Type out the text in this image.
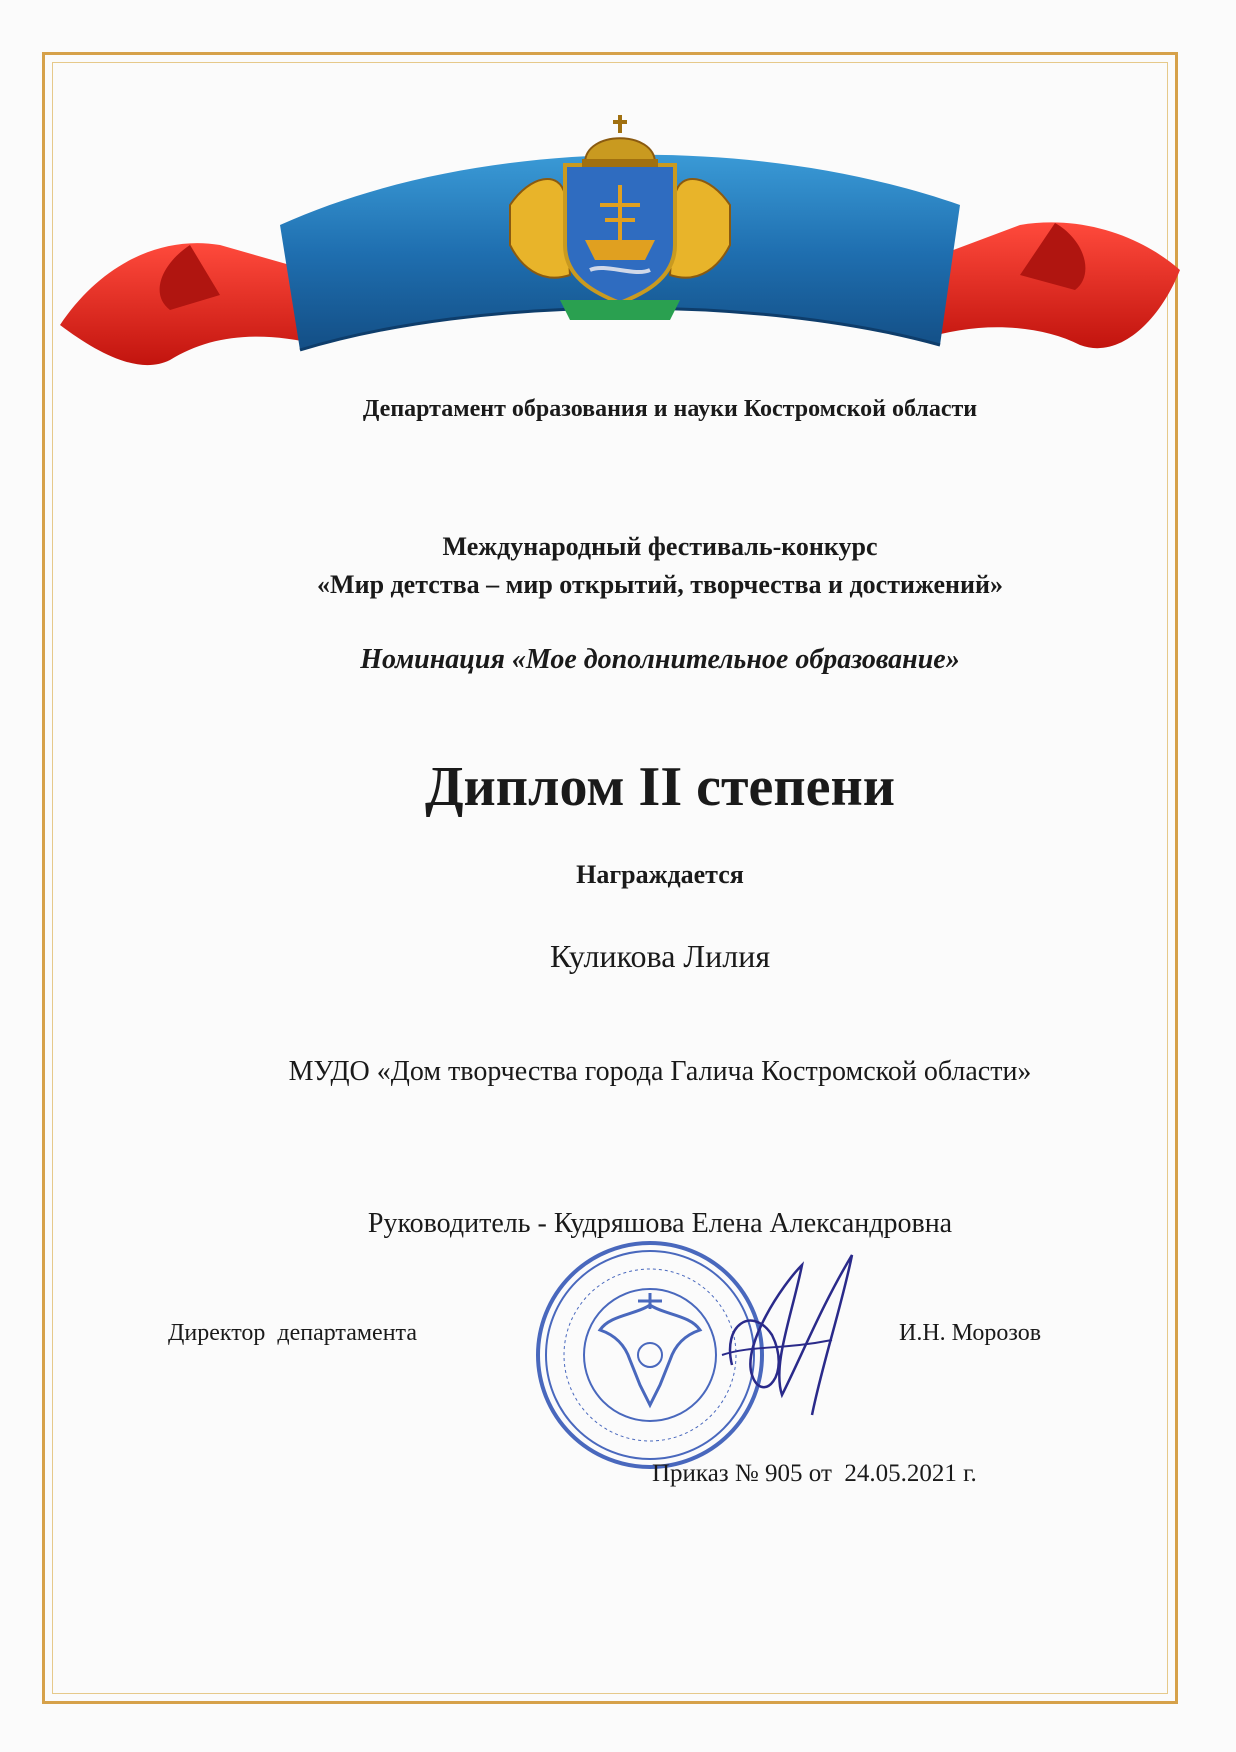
Департамент образования и науки Костромской области
Международный фестиваль-конкурс
«Мир детства – мир открытий, творчества и достижений»
Номинация «Мое дополнительное образование»
Диплом II степени
Награждается
Куликова Лилия
МУДО «Дом творчества города Галича Костромской области»
Руководитель - Кудряшова Елена Александровна
Директор  департамента	И.Н. Морозов
Приказ № 905 от  24.05.2021 г.
